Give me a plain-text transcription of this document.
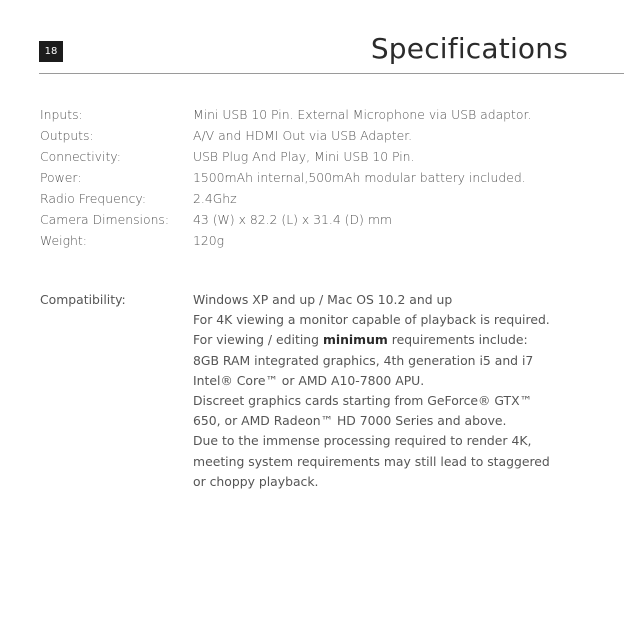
18	Specifications
Inputs:	Mini USB 10 Pin. External Microphone via USB adaptor.
Outputs:	A/V and HDMI Out via USB Adapter.
Connectivity:	USB Plug And Play, Mini USB 10 Pin.
Power:	1500mAh internal,500mAh modular battery included.
Radio Frequency:	2.4Ghz
Camera Dimensions:	43 (W) x 82.2 (L) x 31.4 (D) mm
Weight:	120g
Compatibility:	Windows XP and up / Mac OS 10.2 and up
For 4K viewing a monitor capable of playback is required.
For viewing / editing minimum requirements include:
8GB RAM integrated graphics, 4th generation i5 and i7
Intel® Core™ or AMD A10-7800 APU.
Discreet graphics cards starting from GeForce® GTX™
650, or AMD Radeon™ HD 7000 Series and above.
Due to the immense processing required to render 4K,
meeting system requirements may still lead to staggered
or choppy playback.
